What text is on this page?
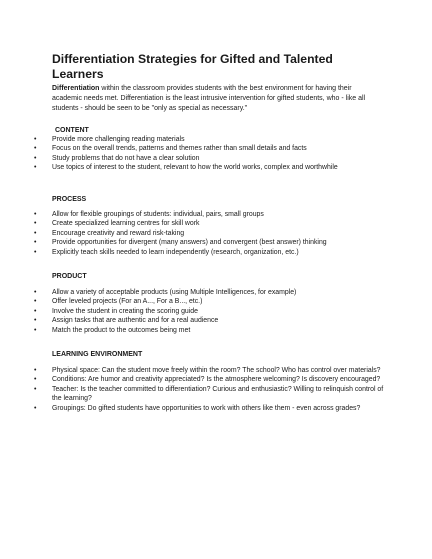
Differentiation Strategies for Gifted and Talented Learners

Differentiation within the classroom provides students with the best environment for having their academic needs met. Differentiation is the least intrusive intervention for gifted students, who - like all students - should be seen to be "only as special as necessary."

CONTENT
• Provide more challenging reading materials
• Focus on the overall trends, patterns and themes rather than small details and facts
• Study problems that do not have a clear solution
• Use topics of interest to the student, relevant to how the world works, complex and worthwhile
PROCESS
• Allow for flexible groupings of students: individual, pairs, small groups
• Create specialized learning centres for skill work
• Encourage creativity and reward risk-taking
• Provide opportunities for divergent (many answers) and convergent (best answer) thinking
• Explicitly teach skills needed to learn independently (research, organization, etc.)
PRODUCT
• Allow a variety of acceptable products (using Multiple Intelligences, for example)
• Offer leveled projects (For an A..., For a B..., etc.)
• Involve the student in creating the scoring guide
• Assign tasks that are authentic and for a real audience
• Match the product to the outcomes being met
LEARNING ENVIRONMENT
• Physical space: Can the student move freely within the room? The school? Who has control over materials?
• Conditions: Are humor and creativity appreciated? Is the atmosphere welcoming? Is discovery encouraged?
• Teacher: Is the teacher committed to differentiation? Curious and enthusiastic? Willing to relinquish control of the learning?
• Groupings: Do gifted students have opportunities to work with others like them - even across grades?
